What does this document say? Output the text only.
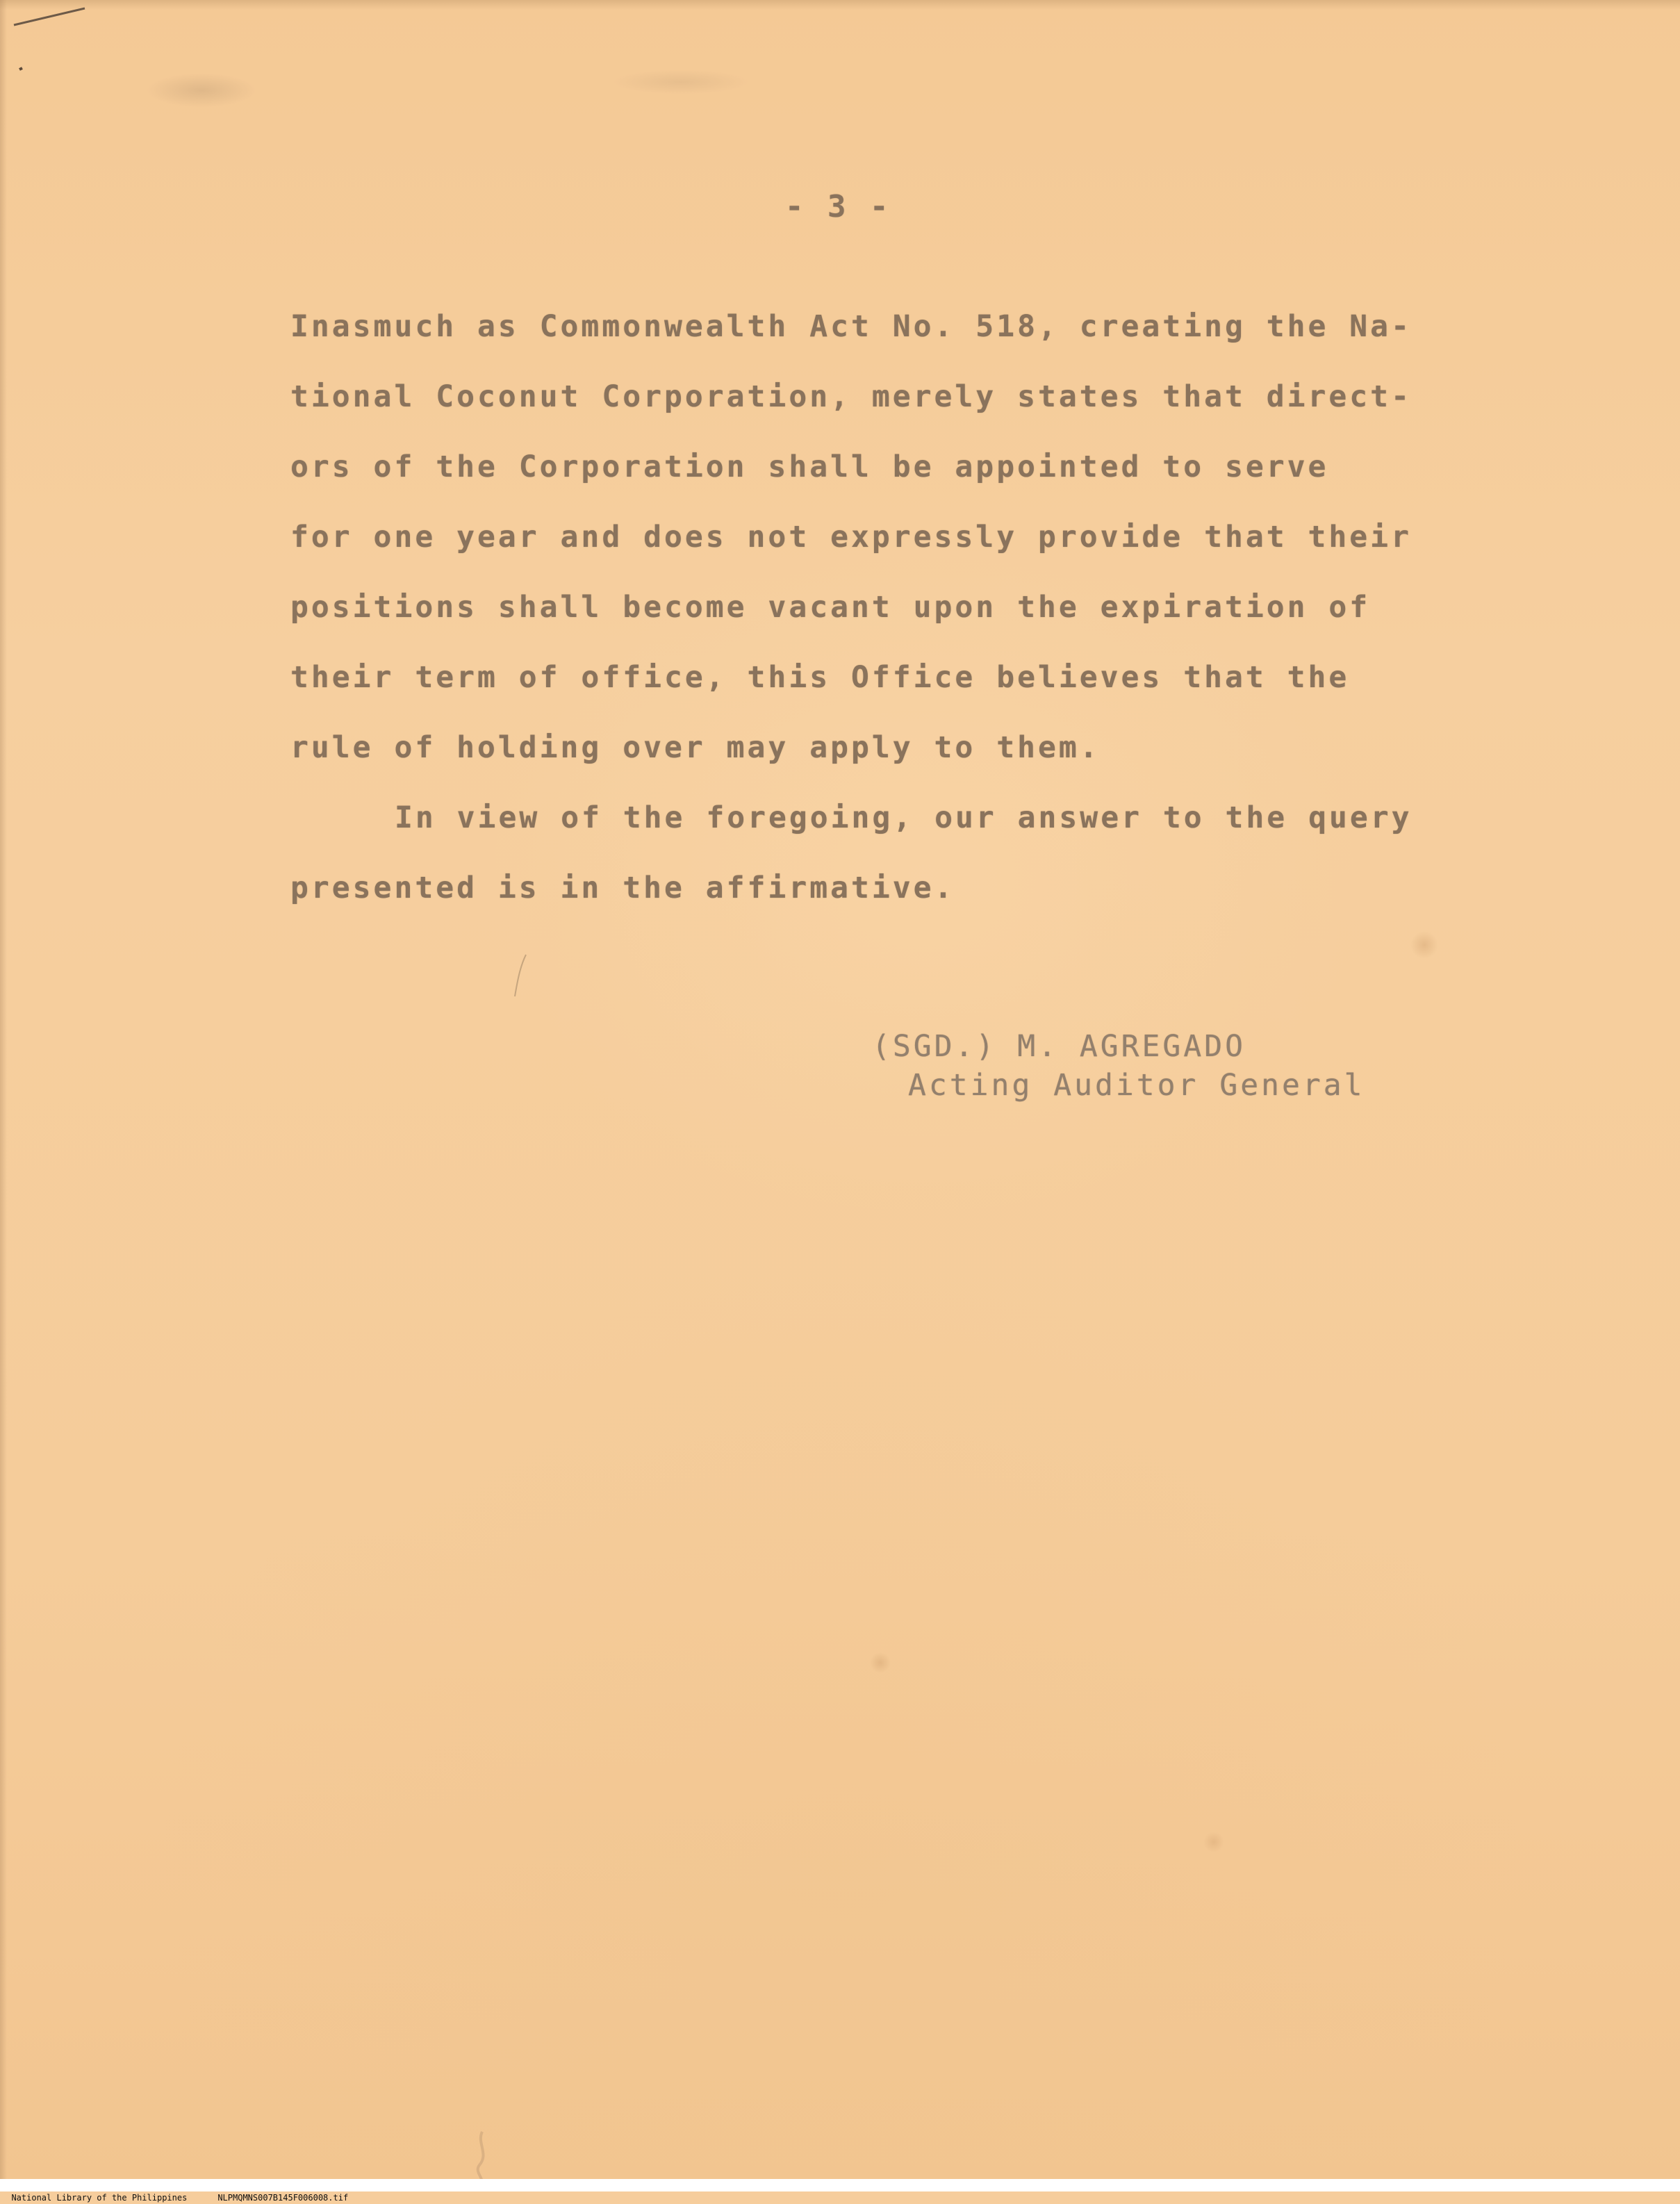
- 3 -
Inasmuch as Commonwealth Act No. 518, creating the Na-
tional Coconut Corporation, merely states that direct-
ors of the Corporation shall be appointed to serve
for one year and does not expressly provide that their
positions shall become vacant upon the expiration of
their term of office, this Office believes that the
rule of holding over may apply to them.
In view of the foregoing, our answer to the query
presented is in the affirmative.
(SGD.) M. AGREGADO
Acting Auditor General

National Library of the Philippines	NLPMQMNS007B145F006008.tif
